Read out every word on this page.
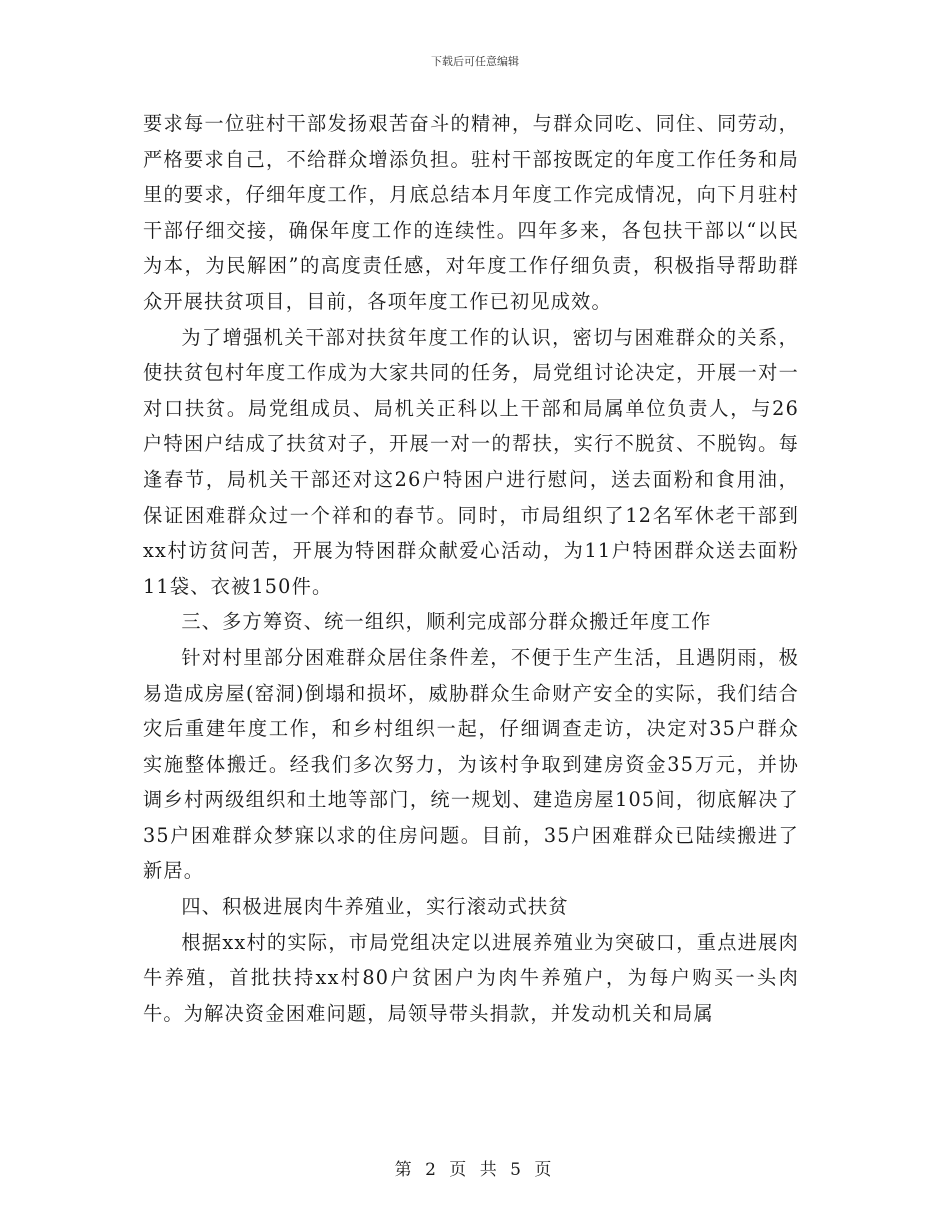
下载后可任意编辑

要求每一位驻村干部发扬艰苦奋斗的精神，与群众同吃、同住、同劳动，严格要求自己，不给群众增添负担。驻村干部按既定的年度工作任务和局里的要求，仔细年度工作，月底总结本月年度工作完成情况，向下月驻村干部仔细交接，确保年度工作的连续性。四年多来，各包扶干部以“以民为本，为民解困”的高度责任感，对年度工作仔细负责，积极指导帮助群众开展扶贫项目，目前，各项年度工作已初见成效。

为了增强机关干部对扶贫年度工作的认识，密切与困难群众的关系，使扶贫包村年度工作成为大家共同的任务，局党组讨论决定，开展一对一对口扶贫。局党组成员、局机关正科以上干部和局属单位负责人，与26户特困户结成了扶贫对子，开展一对一的帮扶，实行不脱贫、不脱钩。每逢春节，局机关干部还对这26户特困户进行慰问，送去面粉和食用油，保证困难群众过一个祥和的春节。同时，市局组织了12名军休老干部到xx村访贫问苦，开展为特困群众献爱心活动，为11户特困群众送去面粉11袋、衣被150件。

三、多方筹资、统一组织，顺利完成部分群众搬迁年度工作

针对村里部分困难群众居住条件差，不便于生产生活，且遇阴雨，极易造成房屋(窑洞)倒塌和损坏，威胁群众生命财产安全的实际，我们结合灾后重建年度工作，和乡村组织一起，仔细调查走访，决定对35户群众实施整体搬迁。经我们多次努力，为该村争取到建房资金35万元，并协调乡村两级组织和土地等部门，统一规划、建造房屋105间，彻底解决了35户困难群众梦寐以求的住房问题。目前，35户困难群众已陆续搬进了新居。

四、积极进展肉牛养殖业，实行滚动式扶贫

根据xx村的实际，市局党组决定以进展养殖业为突破口，重点进展肉牛养殖，首批扶持xx村80户贫困户为肉牛养殖户，为每户购买一头肉牛。为解决资金困难问题，局领导带头捐款，并发动机关和局属

第 2 页 共 5 页
